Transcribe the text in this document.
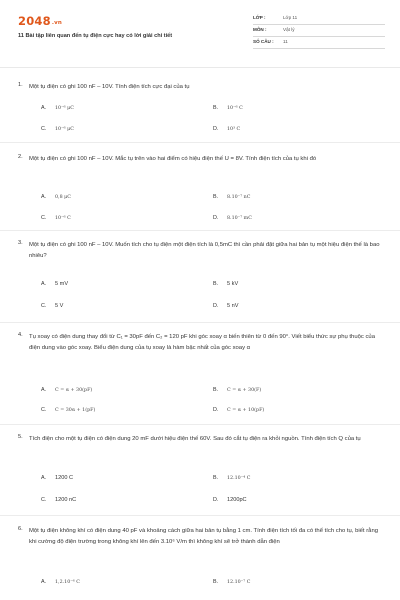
2048.vn
11 Bài tập liên quan đến tụ điện cực hay có lời giải chi tiết
LỚP :	Lớp 11
MÔN :	Vật lý
SỐ CÂU : 11
1. Một tụ điện có ghi 100 nF – 10V. Tính điện tích cực đại của tụ
A. 10⁻⁶ μC	B. 10⁻⁶ C
C. 10⁻⁶ μC	D. 10³ C
2. Một tụ điện có ghi 100 nF – 10V. Mắc tụ trên vào hai điểm có hiệu điện thế U = 8V. Tính điện tích của tụ khi đó
A. 0,8 μC	B. 8.10⁻⁷ nC
C. 10⁻⁶ C	D. 8.10⁻⁷ mC
3. Một tụ điện có ghi 100 nF – 10V. Muốn tích cho tụ điện một điện tích là 0,5mC thì cần phải đặt giữa hai bản tụ một hiệu điện thế là bao nhiêu?
A. 5 mV	B. 5 kV
C. 5 V	D. 5 nV
4. Tụ xoay có điện dung thay đổi từ C₁ = 30pF đến C₂ = 120 pF khi góc xoay α biến thiên từ 0 đến 90°. Viết biểu thức sự phụ thuộc của điện dung vào góc xoay. Biểu điện dung của tụ xoay là hàm bậc nhất của góc xoay α
A. C = α + 30(pF)	B. C = α + 30(F)
C. C = 30α + 1(pF)	D. C = α + 10(pF)
5. Tích điện cho một tụ điện có điện dung 20 mF dưới hiệu điện thế 60V. Sau đó cắt tụ điện ra khỏi nguồn. Tính điện tích Q của tụ
A. 1200 C	B. 12.10⁻⁴ C
C. 1200 nC	D. 1200pC
6. Một tụ điện không khí có điện dung 40 pF và khoảng cách giữa hai bản tụ bằng 1 cm. Tính điện tích tối đa có thể tích cho tụ, biết rằng khi cường độ điện trường trong không khí lên đến 3.10⁶ V/m thì không khí sẽ trở thành dẫn điện
A. 1,2.10⁻⁶ C	B. 12.10⁻⁷ C
